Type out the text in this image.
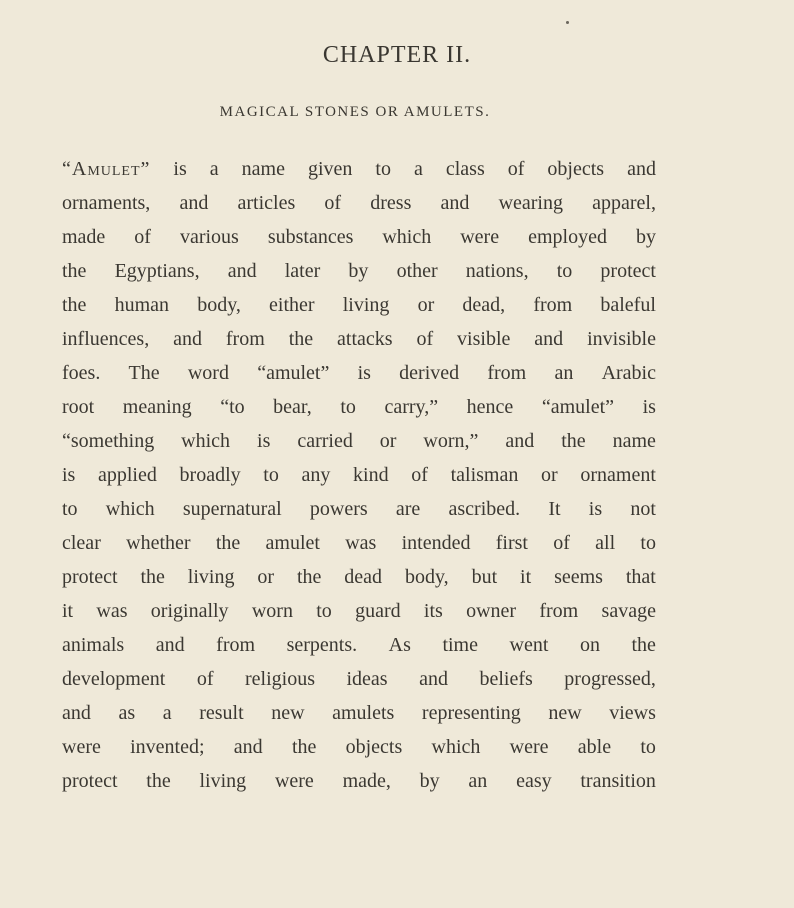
CHAPTER II.
MAGICAL STONES OR AMULETS.
“Amulet” is a name given to a class of objects and
ornaments, and articles of dress and wearing apparel,
made of various substances which were employed by
the Egyptians, and later by other nations, to protect
the human body, either living or dead, from baleful
influences, and from the attacks of visible and invisible
foes. The word “amulet” is derived from an Arabic
root meaning “to bear, to carry,” hence “amulet” is
“something which is carried or worn,” and the name
is applied broadly to any kind of talisman or ornament
to which supernatural powers are ascribed. It is not
clear whether the amulet was intended first of all to
protect the living or the dead body, but it seems that
it was originally worn to guard its owner from savage
animals and from serpents. As time went on the
development of religious ideas and beliefs progressed,
and as a result new amulets representing new views
were invented; and the objects which were able to
protect the living were made, by an easy transition
